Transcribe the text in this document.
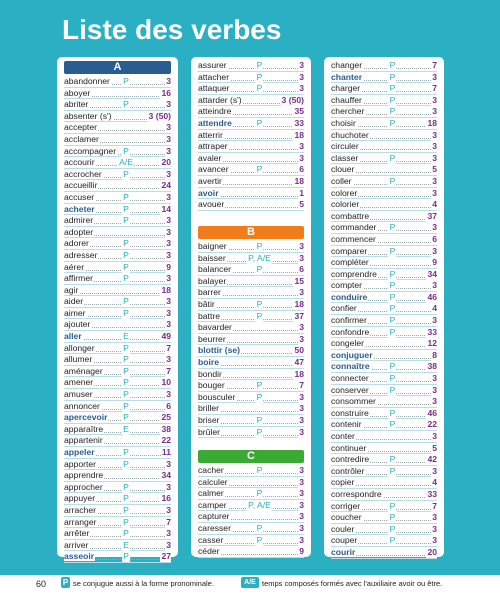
Liste des verbes
A
abandonner P	3
aboyer	16
abriter	P	3
absenter (s')	3 (50)
accepter	3
acclamer	3
accompagner P	3
accourir	A/E	20
accrocher P	3
accueillir	24
accuser	P	3
acheter	P	14
admirer	P	3
adopter	3
adorer	P	3
adresser	P	3
aérer	P	9
affirmer	P	3
agir	18
aider	P	3
aimer	P	3
ajouter	3
aller	E	49
allonger	P	7
allumer	P	3
aménager P	7
amener	P	10
amuser	P	3
annoncer	P	6
apercevoir P	25
apparaître E	38
appartenir	22
appeler	P	11
apporter	P	3
apprendre	34
approcher P	3
appuyer	P	16
arracher	P	3
arranger	P	7
arrêter	P	3
arriver	E	3
asseoir	P	27
assurer	P	3
attacher	P	3
attaquer	P	3
attarder (s')	3 (50)
atteindre	35
attendre	P	33
atterrir	18
attraper	3
avaler	3
avancer	P	6
avertir	18
avoir	1
avouer	5
B
baigner	P	3
baisser	P, A/E	3
balancer	P	6
balayer	15
barrer	3
bâtir	P	18
battre	P	37
bavarder	3
beurrer	3
blottir (se)	50
boire	47
bondir	18
bouger	P	7
bousculer P	3
briller	3
briser	P	3
brûler	P	3
C
cacher	P	3
calculer	3
calmer	P	3
camper P, A/E	3
capturer	3
caresser	P	3
casser	P	3
céder	9
changer	P	7
chanter	P	3
charger	P	7
chauffer	P	3
chercher	P	3
choisir	P	18
chuchoter	3
circuler	3
classer	P	3
clouer	5
coller	P	3
colorer	3
colorier	4
combattre	37
commander P	3
commencer	6
comparer	P	3
compléter	9
comprendre P	34
compter	P	3
conduire	P	46
confier	P	4
confirmer	P	3
confondre P	33
congeler	12
conjuguer	8
connaître P	38
connecter P	3
conserver P	3
consommer	3
construire P	46
contenir	P	22
conter	3
continuer	5
contredire P	42
contrôler	P	3
copier	4
correspondre	33
corriger	P	7
coucher	P	3
couler	P	3
couper	P	3
courir	20
60 P se conjugue aussi à la forme pronominale.	A/E temps composés formés avec l'auxiliaire avoir ou être.
